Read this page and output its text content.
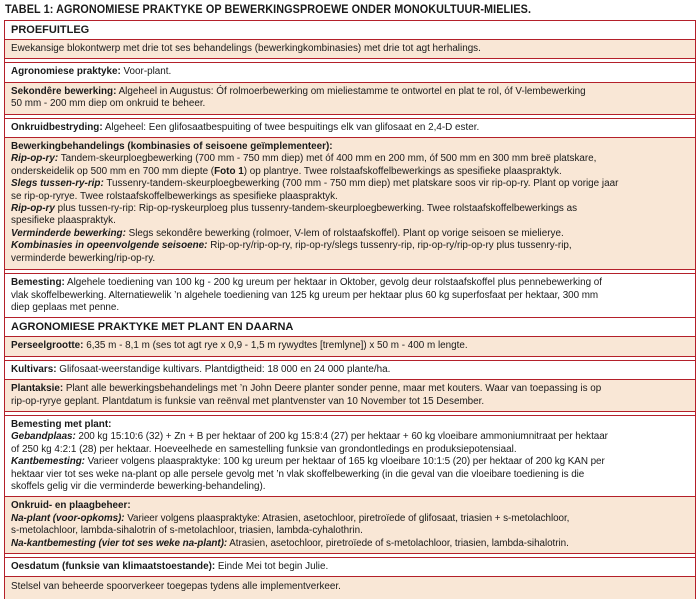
TABEL 1: AGRONOMIESE PRAKTYKE OP BEWERKINGSPROEWE ONDER MONOKULTUUR-MIELIES.
PROEFUITLEG
Ewekansige blokontwerp met drie tot ses behandelings (bewerkingkombinasies) met drie tot agt herhalings.
Agronomiese praktyke: Voor-plant.
Sekondêre bewerking: Algeheel in Augustus: Óf rolmoerbewerking om mieliestamme te ontwortel en plat te rol, óf V-lembewerking
50 mm - 200 mm diep om onkruid te beheer.
Onkruidbestryding: Algeheel: Een glifosaatbespuiting of twee bespuitings elk van glifosaat en 2,4-D ester.
Bewerkingbehandelings (kombinasies of seisoene geïmplementeer):
Rip-op-ry: Tandem-skeurploegbewerking (700 mm - 750 mm diep) met óf 400 mm en 200 mm, óf 500 mm en 300 mm breë platskare,
onderskeidelik op 500 mm en 700 mm diepte (Foto 1) op plantrye. Twee rolstaafskoffelbewerkings as spesifieke plaaspraktyk.
Slegs tussen-ry-rip: Tussenry-tandem-skeurploegbewerking (700 mm - 750 mm diep) met platskare soos vir rip-op-ry. Plant op vorige jaar
se rip-op-ryrye. Twee rolstaafskoffelbewerkings as spesifieke plaaspraktyk.
Rip-op-ry plus tussen-ry-rip: Rip-op-ryskeurploeg plus tussenry-tandem-skeurploegbewerking. Twee rolstaafskoffelbewerkings as
spesifieke plaaspraktyk.
Verminderde bewerking: Slegs sekondêre bewerking (rolmoer, V-lem of rolstaafskoffel). Plant op vorige seisoen se mielierye.
Kombinasies in opeenvolgende seisoene: Rip-op-ry/rip-op-ry, rip-op-ry/slegs tussenry-rip, rip-op-ry/rip-op-ry plus tussenry-rip,
verminderde bewerking/rip-op-ry.
Bemesting: Algehele toediening van 100 kg - 200 kg ureum per hektaar in Oktober, gevolg deur rolstaafskoffel plus pennebewerking of
vlak skoffelbewerking. Alternatiewelik ’n algehele toediening van 125 kg ureum per hektaar plus 60 kg superfosfaat per hektaar, 300 mm
diep geplaas met penne.
AGRONOMIESE PRAKTYKE MET PLANT EN DAARNA
Perseelgrootte: 6,35 m - 8,1 m (ses tot agt rye x 0,9 - 1,5 m rywydtes [tremlyne]) x 50 m - 400 m lengte.
Kultivars: Glifosaat-weerstandige kultivars. Plantdigtheid: 18 000 en 24 000 plante/ha.
Plantaksie: Plant alle bewerkingsbehandelings met ’n John Deere planter sonder penne, maar met kouters. Waar van toepassing is op
rip-op-ryrye geplant. Plantdatum is funksie van reënval met plantvenster van 10 November tot 15 Desember.
Bemesting met plant:
Gebandplaas: 200 kg 15:10:6 (32) + Zn + B per hektaar of 200 kg 15:8:4 (27) per hektaar + 60 kg vloeibare ammoniumnitraat per hektaar
of 250 kg 4:2:1 (28) per hektaar. Hoeveelhede en samestelling funksie van grondontledings en produksiepotensiaal.
Kantbemesting: Varieer volgens plaaspraktyke: 100 kg ureum per hektaar of 165 kg vloeibare 10:1:5 (20) per hektaar of 200 kg KAN per
hektaar vier tot ses weke na-plant op alle persele gevolg met ’n vlak skoffelbewerking (in die geval van die vloeibare toediening is die
skoffels gelig vir die verminderde bewerking-behandeling).
Onkruid- en plaagbeheer:
Na-plant (voor-opkoms): Varieer volgens plaaspraktyke: Atrasien, asetochloor, piretroïede of glifosaat, triasien + s-metolachloor,
s-metolachloor, lambda-sihalotrin of s-metolachloor, triasien, lambda-cyhalothrin.
Na-kantbemesting (vier tot ses weke na-plant): Atrasien, asetochloor, piretroïede of s-metolachloor, triasien, lambda-sihalotrin.
Oesdatum (funksie van klimaatstoestande): Einde Mei tot begin Julie.
Stelsel van beheerde spoorverkeer toegepas tydens alle implementverkeer.
